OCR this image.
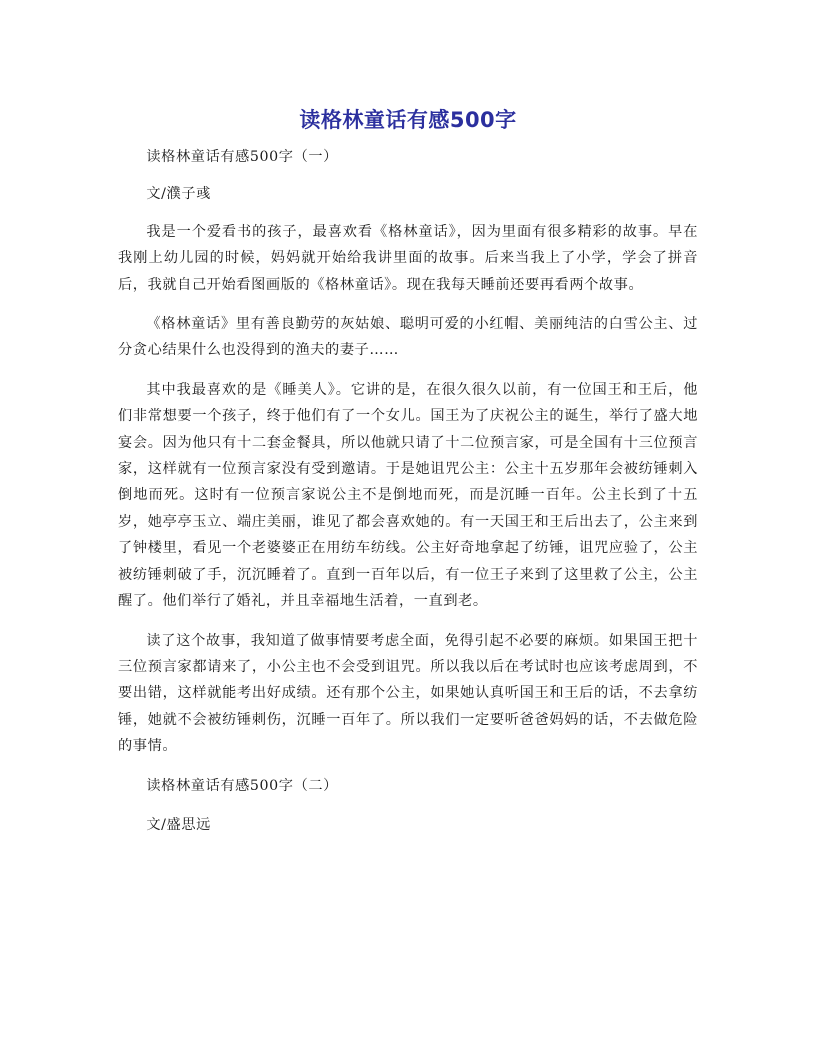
读格林童话有感500字

读格林童话有感500字（一）

文/濮子彧

我是一个爱看书的孩子，最喜欢看《格林童话》，因为里面有很多精彩的故事。早在我刚上幼儿园的时候，妈妈就开始给我讲里面的故事。后来当我上了小学，学会了拼音后，我就自己开始看图画版的《格林童话》。现在我每天睡前还要再看两个故事。

《格林童话》里有善良勤劳的灰姑娘、聪明可爱的小红帽、美丽纯洁的白雪公主、过分贪心结果什么也没得到的渔夫的妻子……

其中我最喜欢的是《睡美人》。它讲的是，在很久很久以前，有一位国王和王后，他们非常想要一个孩子，终于他们有了一个女儿。国王为了庆祝公主的诞生，举行了盛大地宴会。因为他只有十二套金餐具，所以他就只请了十二位预言家，可是全国有十三位预言家，这样就有一位预言家没有受到邀请。于是她诅咒公主：公主十五岁那年会被纺锤刺入倒地而死。这时有一位预言家说公主不是倒地而死，而是沉睡一百年。公主长到了十五岁，她亭亭玉立、端庄美丽，谁见了都会喜欢她的。有一天国王和王后出去了，公主来到了钟楼里，看见一个老婆婆正在用纺车纺线。公主好奇地拿起了纺锤，诅咒应验了，公主被纺锤刺破了手，沉沉睡着了。直到一百年以后，有一位王子来到了这里救了公主，公主醒了。他们举行了婚礼，并且幸福地生活着，一直到老。

读了这个故事，我知道了做事情要考虑全面，免得引起不必要的麻烦。如果国王把十三位预言家都请来了，小公主也不会受到诅咒。所以我以后在考试时也应该考虑周到，不要出错，这样就能考出好成绩。还有那个公主，如果她认真听国王和王后的话，不去拿纺锤，她就不会被纺锤刺伤，沉睡一百年了。所以我们一定要听爸爸妈妈的话，不去做危险的事情。

读格林童话有感500字（二）

文/盛思远
